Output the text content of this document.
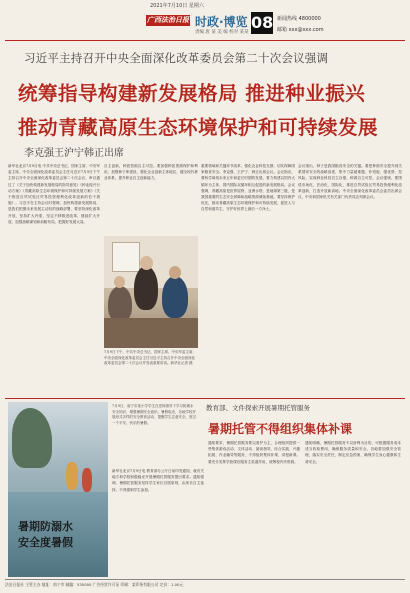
2021年7月10日 星期六
广西法治日报 时政·博览
责编 唐 某 美 编 校对 某某
08 新闻热线 4800000
邮箱 xxx@xxx.com
习近平主持召开中央全面深化改革委员会第二十次会议强调
统筹指导构建新发展格局 推进种业振兴
推动青藏高原生态环境保护和可持续发展
李克强王沪宁韩正出席
新华社北京7月9日电 中共中央总书记、国家主席、中央军委主席、中央全面深化改革委员会主任习近平7月9日下午主持召开中央全面深化改革委员会第二十次会议，审议通过了《关于加快构建新发展格局的指导意见》《种业振兴行动方案》《青藏高原生态环境保护和可持续发展方案》《关于推进自贸试验区贸易投资便利化改革创新的若干措施》。习近平在主持会议时强调，加快构建新发展格局，是我们把握未来发展主动权的战略部署，要坚持深化改革开放，坚持扩大内需，坚定不移推进改革，继续扩大开放，加强战略谋划和前瞻布局，把握好发展大局。
自主创新，种质资源自主可控。要加强种质资源保护和利用，加强种子库建设，强化企业创新主体地位，健全现代种业体系，提升种业自主创新能力。
7月9日下午，中共中央总书记、国家主席、中央军委主席、中央全面深化改革委员会主任习近平主持召开中央全面深化改革委员会第二十次会议并发表重要讲话。新华社记者 摄
重要领域和关键环节改革，强化农业科技支撑，切实保障国家粮食安全。李克强、王沪宁、韩正出席会议。会议指出，要科学谋划未来五年和更长时期的发展，着力构建以国内大循环为主体、国内国际双循环相互促进的新发展格局。会议强调，青藏高原是世界屋脊、亚洲水塔，是地球第三极，是我国重要的生态安全屏障和战略资源储备基地，要坚持保护优先，推动青藏高原生态环境保护和可持续发展，促进人与自然和谐共生，守护好世界上最后一方净土。
会议指出，种子是我国粮食安全的关键。要把种源安全提升到关系国家安全的战略高度，集中力量破难题、补短板、强优势、控风险，实现种业科技自立自强、种源自主可控。会议强调，要围绕市场化、法治化、国际化，推进自贸试验区贸易投资便利化改革创新，打造开放新高地。中央全面深化改革委员会委员出席会议，中央和国家机关有关部门负责同志列席会议。
暑期防溺水
安全度暑假
7月9日，南宁市某小学学生在老师指导下学习防溺水安全知识，增强暑期安全意识。暑假临近，各地学校开展形式多样的安全教育活动，提醒学生注意安全，度过一个平安、快乐的暑假。
教育部、文件探索开展暑期托管服务
暑期托管不得组织集体补课
新华社北京7月9日电 教育部办公厅日前印发通知，就有关地方和学校积极稳妥开展暑期托管服务提出要求。通知强调，暑期托管服务坚持学生家长自愿原则，由家长自主选择，不得强制学生参加。
通知要求，暑期托管服务要以看护为主，合理组织提供一些集体游戏活动、文体活动、阅读指导、综合实践、兴趣拓展、作业辅导等服务，不得组织集体补课、讲授新课。要充分发挥学校课后服务主渠道作用，统筹校内外资源。
通知明确，暑期托管服务不以营利为目的，可根据服务成本适当收取费用，确保服务质量和安全。各地要加强安全管理，落实安全责任，制定应急预案，确保学生身心健康和生命安全。
法治日报社 主管主办 地址：南宁市 邮编：530000 广告经营许可证 印刷：某印务有限公司 定价：1.00元
